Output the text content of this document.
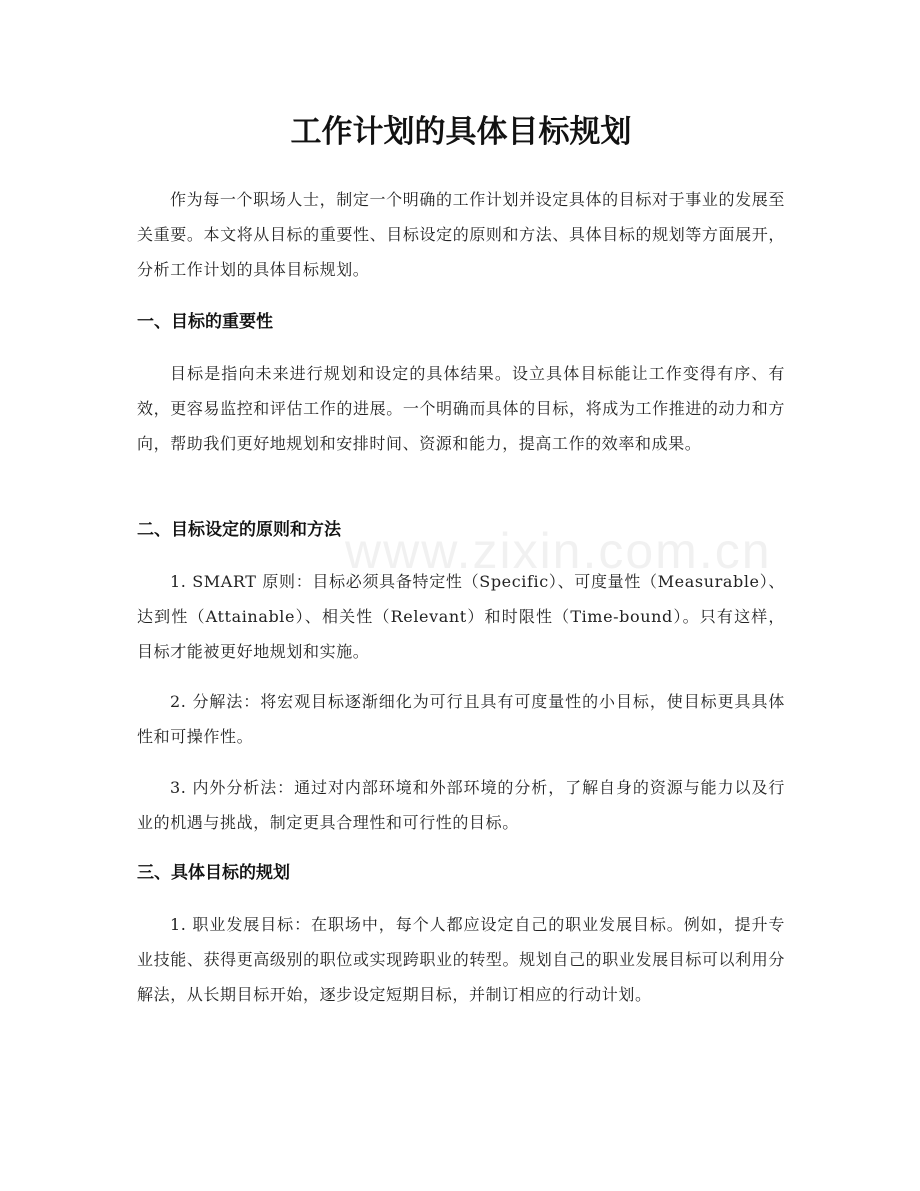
www.zixin.com.cn
工作计划的具体目标规划

作为每一个职场人士，制定一个明确的工作计划并设定具体的目标对于事业的发展至关重要。本文将从目标的重要性、目标设定的原则和方法、具体目标的规划等方面展开，分析工作计划的具体目标规划。

一、目标的重要性

目标是指向未来进行规划和设定的具体结果。设立具体目标能让工作变得有序、有效，更容易监控和评估工作的进展。一个明确而具体的目标，将成为工作推进的动力和方向，帮助我们更好地规划和安排时间、资源和能力，提高工作的效率和成果。

二、目标设定的原则和方法

1. SMART 原则：目标必须具备特定性（Specific）、可度量性（Measurable）、达到性（Attainable）、相关性（Relevant）和时限性（Time-bound）。只有这样，目标才能被更好地规划和实施。

2. 分解法：将宏观目标逐渐细化为可行且具有可度量性的小目标，使目标更具具体性和可操作性。

3. 内外分析法：通过对内部环境和外部环境的分析，了解自身的资源与能力以及行业的机遇与挑战，制定更具合理性和可行性的目标。

三、具体目标的规划

1. 职业发展目标：在职场中，每个人都应设定自己的职业发展目标。例如，提升专业技能、获得更高级别的职位或实现跨职业的转型。规划自己的职业发展目标可以利用分解法，从长期目标开始，逐步设定短期目标，并制订相应的行动计划。
